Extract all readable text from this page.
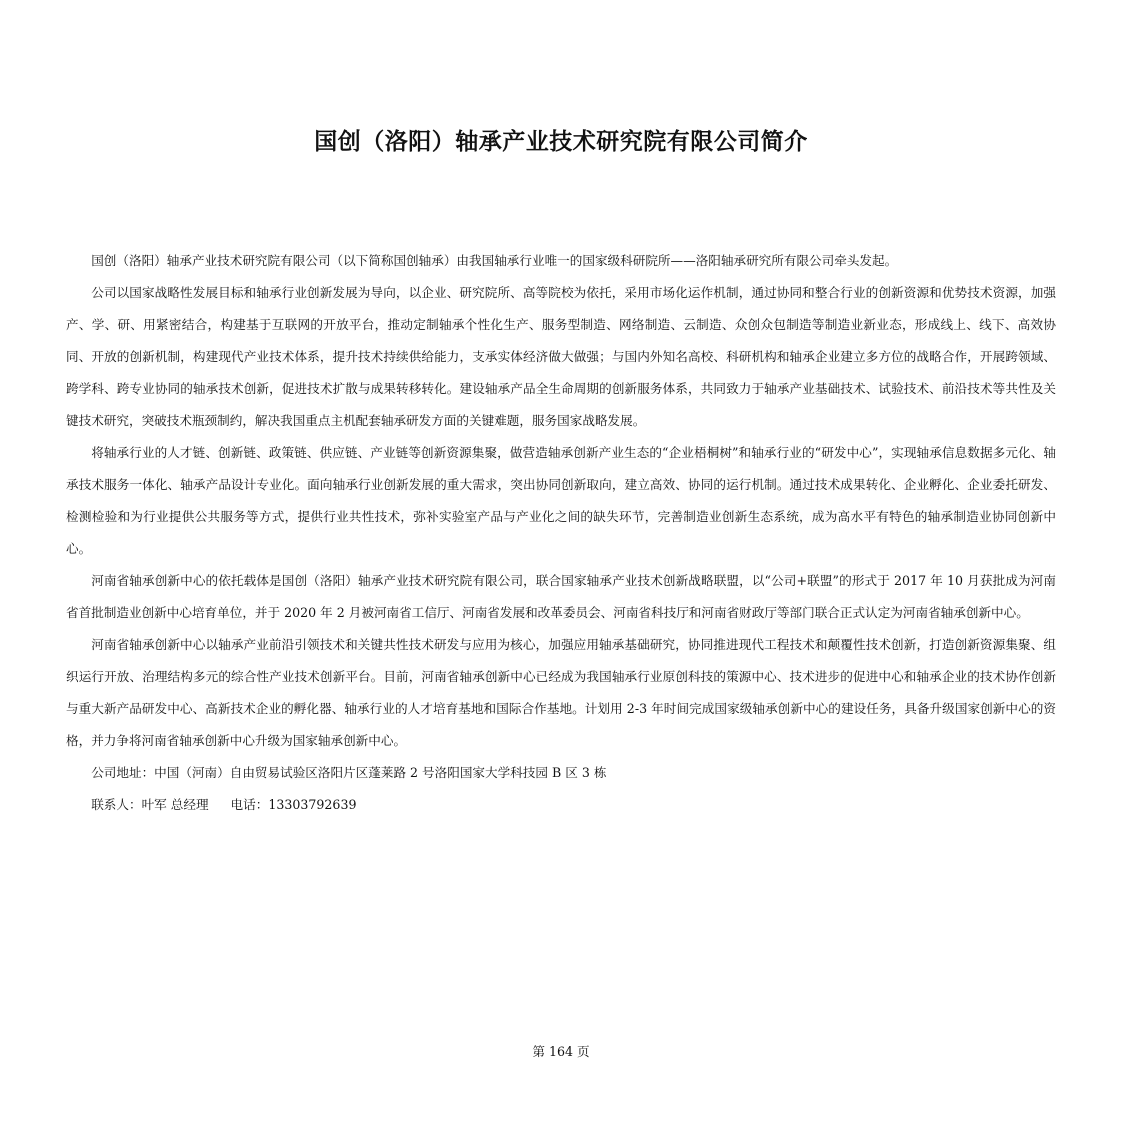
国创（洛阳）轴承产业技术研究院有限公司简介

国创（洛阳）轴承产业技术研究院有限公司（以下简称国创轴承）由我国轴承行业唯一的国家级科研院所——洛阳轴承研究所有限公司牵头发起。

公司以国家战略性发展目标和轴承行业创新发展为导向，以企业、研究院所、高等院校为依托，采用市场化运作机制，通过协同和整合行业的创新资源和优势技术资源，加强产、学、研、用紧密结合，构建基于互联网的开放平台，推动定制轴承个性化生产、服务型制造、网络制造、云制造、众创众包制造等制造业新业态，形成线上、线下、高效协同、开放的创新机制，构建现代产业技术体系，提升技术持续供给能力，支承实体经济做大做强；与国内外知名高校、科研机构和轴承企业建立多方位的战略合作，开展跨领域、跨学科、跨专业协同的轴承技术创新，促进技术扩散与成果转移转化。建设轴承产品全生命周期的创新服务体系，共同致力于轴承产业基础技术、试验技术、前沿技术等共性及关键技术研究，突破技术瓶颈制约，解决我国重点主机配套轴承研发方面的关键难题，服务国家战略发展。

将轴承行业的人才链、创新链、政策链、供应链、产业链等创新资源集聚，做营造轴承创新产业生态的“企业梧桐树”和轴承行业的“研发中心”，实现轴承信息数据多元化、轴承技术服务一体化、轴承产品设计专业化。面向轴承行业创新发展的重大需求，突出协同创新取向，建立高效、协同的运行机制。通过技术成果转化、企业孵化、企业委托研发、检测检验和为行业提供公共服务等方式，提供行业共性技术，弥补实验室产品与产业化之间的缺失环节，完善制造业创新生态系统，成为高水平有特色的轴承制造业协同创新中心。

河南省轴承创新中心的依托载体是国创（洛阳）轴承产业技术研究院有限公司，联合国家轴承产业技术创新战略联盟，以“公司+联盟”的形式于 2017 年 10 月获批成为河南省首批制造业创新中心培育单位，并于 2020 年 2 月被河南省工信厅、河南省发展和改革委员会、河南省科技厅和河南省财政厅等部门联合正式认定为河南省轴承创新中心。

河南省轴承创新中心以轴承产业前沿引领技术和关键共性技术研发与应用为核心，加强应用轴承基础研究，协同推进现代工程技术和颠覆性技术创新，打造创新资源集聚、组织运行开放、治理结构多元的综合性产业技术创新平台。目前，河南省轴承创新中心已经成为我国轴承行业原创科技的策源中心、技术进步的促进中心和轴承企业的技术协作创新与重大新产品研发中心、高新技术企业的孵化器、轴承行业的人才培育基地和国际合作基地。计划用 2-3 年时间完成国家级轴承创新中心的建设任务，具备升级国家创新中心的资格，并力争将河南省轴承创新中心升级为国家轴承创新中心。

公司地址：中国（河南）自由贸易试验区洛阳片区蓬莱路 2 号洛阳国家大学科技园 B 区 3 栋

联系人：叶军 总经理 电话：13303792639

第 164 页
